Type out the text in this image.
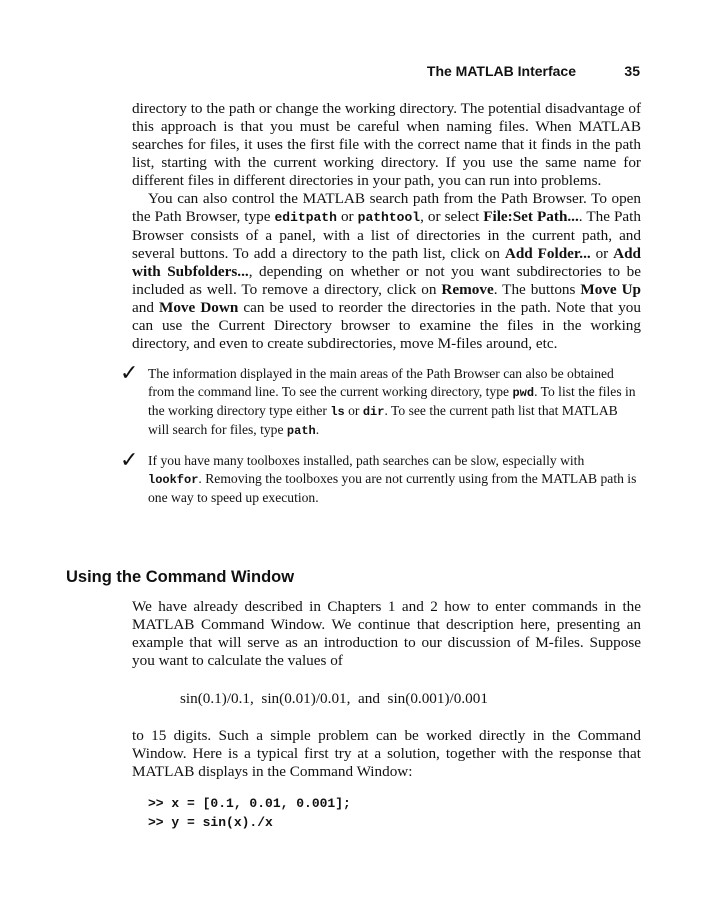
The MATLAB Interface	35

directory to the path or change the working directory. The potential disadvantage of this approach is that you must be careful when naming files. When MATLAB searches for files, it uses the first file with the correct name that it finds in the path list, starting with the current working directory. If you use the same name for different files in different directories in your path, you can run into problems.

You can also control the MATLAB search path from the Path Browser. To open the Path Browser, type editpath or pathtool, or select File:Set Path.... The Path Browser consists of a panel, with a list of directories in the current path, and several buttons. To add a directory to the path list, click on Add Folder... or Add with Subfolders..., depending on whether or not you want subdirectories to be included as well. To remove a directory, click on Remove. The buttons Move Up and Move Down can be used to reorder the directories in the path. Note that you can use the Current Directory browser to examine the files in the working directory, and even to create subdirectories, move M-files around, etc.

✓ The information displayed in the main areas of the Path Browser can also be obtained from the command line. To see the current working directory, type pwd. To list the files in the working directory type either ls or dir. To see the current path list that MATLAB will search for files, type path.

✓ If you have many toolboxes installed, path searches can be slow, especially with lookfor. Removing the toolboxes you are not currently using from the MATLAB path is one way to speed up execution.

Using the Command Window

We have already described in Chapters 1 and 2 how to enter commands in the MATLAB Command Window. We continue that description here, presenting an example that will serve as an introduction to our discussion of M-files. Suppose you want to calculate the values of

sin(0.1)/0.1,  sin(0.01)/0.01,  and  sin(0.001)/0.001

to 15 digits. Such a simple problem can be worked directly in the Command Window. Here is a typical first try at a solution, together with the response that MATLAB displays in the Command Window:

>> x = [0.1, 0.01, 0.001];
>> y = sin(x)./x
